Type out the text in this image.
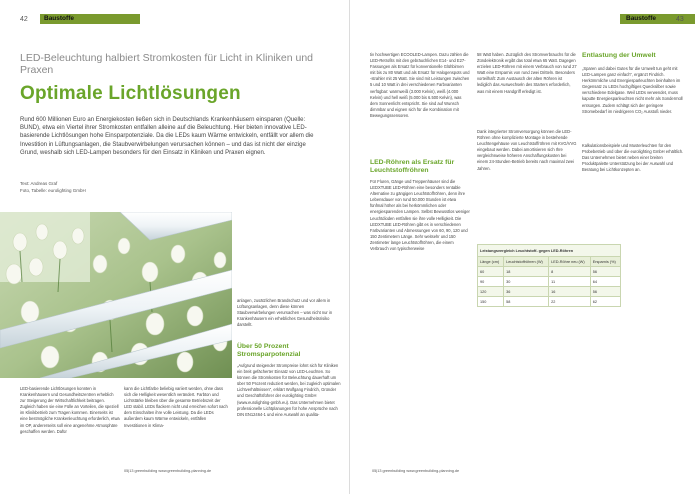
42 Baustoffe
LED-Beleuchtung halbiert Stromkosten für Licht in Kliniken und Praxen
Optimale Lichtlösungen
Rund 600 Millionen Euro an Energiekosten ließen sich in Deutschlands Krankenhäusern einsparen (Quelle: BUND), etwa ein Viertel ihrer Stromkosten entfallen alleine auf die Beleuchtung. Hier bieten innovative LED-basierende Lichtlösungen hohe Einsparpotenziale. Da die LEDs kaum Wärme entwickeln, entfällt vor allem die Investition in Lüftungsanlagen, die Staubverwirbelungen verursachen können – und das ist nicht der einzige Grund, weshalb sich LED-Lampen besonders für den Einsatz in Kliniken und Praxen eignen.
Text: Andreas Graf
Foto, Tabelle: eurolighting GmbH
anlagen, zusätzlichen Brandschutz und vor allem in Lüftungsanlagen, denn diese können Staubverwirbelungen verursachen – was nicht nur in Krankenhäusern ein erhebliches Gesundheitsrisiko darstellt.
Über 50 Prozent Stromsparpotenzial
„Aufgrund steigender Strompreise lohnt sich für Kliniken ein breit gefächerter Einsatz von LED-Leuchten. So können die Stromkosten für Beleuchtung dauerhaft um über 50 Prozent reduziert werden, bei zugleich optimalen Lichtverhältnissen“, erklärt Wolfgang Findrich, Gründer und Geschäftsführer der eurolighting GmbH (www.eurolighting-gmbh.eu). Das Unternehmen bietet professionelle Lichtplanungen für hohe Ansprüche nach DIN EN12464-1 und eine Auswahl an qualita-
LED-basierende Lichtlösungen konnten in Krankenhäusern und Gesundheitszentren erheblich zur Steigerung der Wirtschaftlichkeit beitragen. Zugleich haben sie eine Fülle an Vorteilen, die speziell im Klinikbetrieb zum Tragen kommen. Einerseits ist eine bestmögliche Krankenleuchtung erforderlich, etwa im OP, andererseits soll eine angenehme Atmosphäre geschaffen werden. Dafür
kann die Lichtfarbe beliebig variiert werden, ohne dass sich die Helligkeit wesentlich verändert. Farbton und Lichtstärke bleiben über die gesamte Betriebszeit der LED stabil. LEDs flackern nicht und erreichen sofort nach dem Einschalten ihre volle Leistung. Da die LEDs außerdem kaum Wärme entwickeln, entfällen Investitionen in Klima-
05|13 greenbuilding www.greenbuilding-planning.de
Baustoffe	43
tiv hochwertigen ECOOLED-Lampen. Dazu zählen die LED-Retrofits mit den gebräuchlichen E14- und E27-Fassungen als Ersatz für konventionelle Glühbirnen mit bis zu 80 Watt und als Ersatz für Halogenspots und -strahler mit 25 Watt. Sie sind mit Leistungen zwischen 5 und 10 Watt in drei verschiedenen Farbvarianten verfügbar: warmweiß (3.000 Kelvin), weiß (4.000 Kelvin) und hell weiß (5.000 bis 6.500 Kelvin), was dem Sonnenlicht entspricht. Sie sind auf Wunsch dimmbar und eignen sich für die Kombination mit Bewegungssensoren.
LED-Röhren als Ersatz für Leuchtstoffröhren
Für Fluren, Gänge und Treppenhäuser sind die LEDXTUBE LED-Röhren eine besonders rentable Alternative zu gängigen Leuchtstoffröhren, denn ihre Lebensdauer von rund 50.000 Stunden ist etwa fünfmal höher als bei herkömmlichen oder energiesparenden Lampen. Selbst Bewusstlos weniger Leuchtdioden entfallen sie ihre volle Helligkeit. Die LEDXTUBE LED-Röhren gibt es in verschiedenen Farbvarianten und Abmessungen von 60, 90, 120 und 150 Zentimetern Länge. Sehr weitsehr und 150 Zentimeter lange Leuchtstoffröhren, die einem Verbrauch von typischerweise
58 Watt haben. Zuzüglich des Stromverbrauchs für die Zündelektronik ergibt das total etwa 65 Watt. Dagegen erzielen LED-Röhren mit einem Verbrauch von rund 27 Watt eine Ersparnis von rund zwei Dritteln. Besonders vorteilhaft: Zum Austausch der alten Röhren ist lediglich das Auswechseln des Starters erforderlich, was mit einem Handgriff erledigt ist.
Dank integrierter Stromversorgung können die LED-Röhren ohne komplizierte Montage in bestehende Leuchtengehäuse von Leuchtstoffröhren mit KVG/VVG eingebaut werden. Dabei amortisieren sich Ihre vergleichsweise höheren Anschaffungskosten bei einem 24-Stunden-Betrieb bereits nach maximal zwei Jahren.
Entlastung der Umwelt
„Sparen und dabei Gutes für die Umwelt tun geht mit LED-Lampen ganz einfach“, ergänzt Findrich. Herkömmliche und Energiesparleuchten beinhalten im Gegensatz zu LEDs hochgiftiges Quecksilber sowie verschiedene Edelgase. Weil LEDs verwendet, muss kaputte Energiesparleuchten nicht mehr als Sondermüll entsorgen. Zudem schlägt sich der geringere Stromebedarf im niedrigeren CO₂ Ausstoß nieder.
Kalkulationsbeispiele und Musterleuchten für den Probebetrieb und über die eurolighting GmbH erhältlich. Das Unternehmen bietet neben einer breiten Produktpalette Unterstützung bei der Auswahl und Beratung bei Lichtkonzepten an.
Leistungsvergleich Leuchtstoff- gegen LED-Röhren			
Länge (cm)	Leuchtstoffröhren (W)	LED-Röhre neu (W)	Ersparnis (%)
60	18	8	56
90	30	11	64
120	36	16	56
150	58	22	62
05|13 greenbuilding www.greenbuilding-planning.de
